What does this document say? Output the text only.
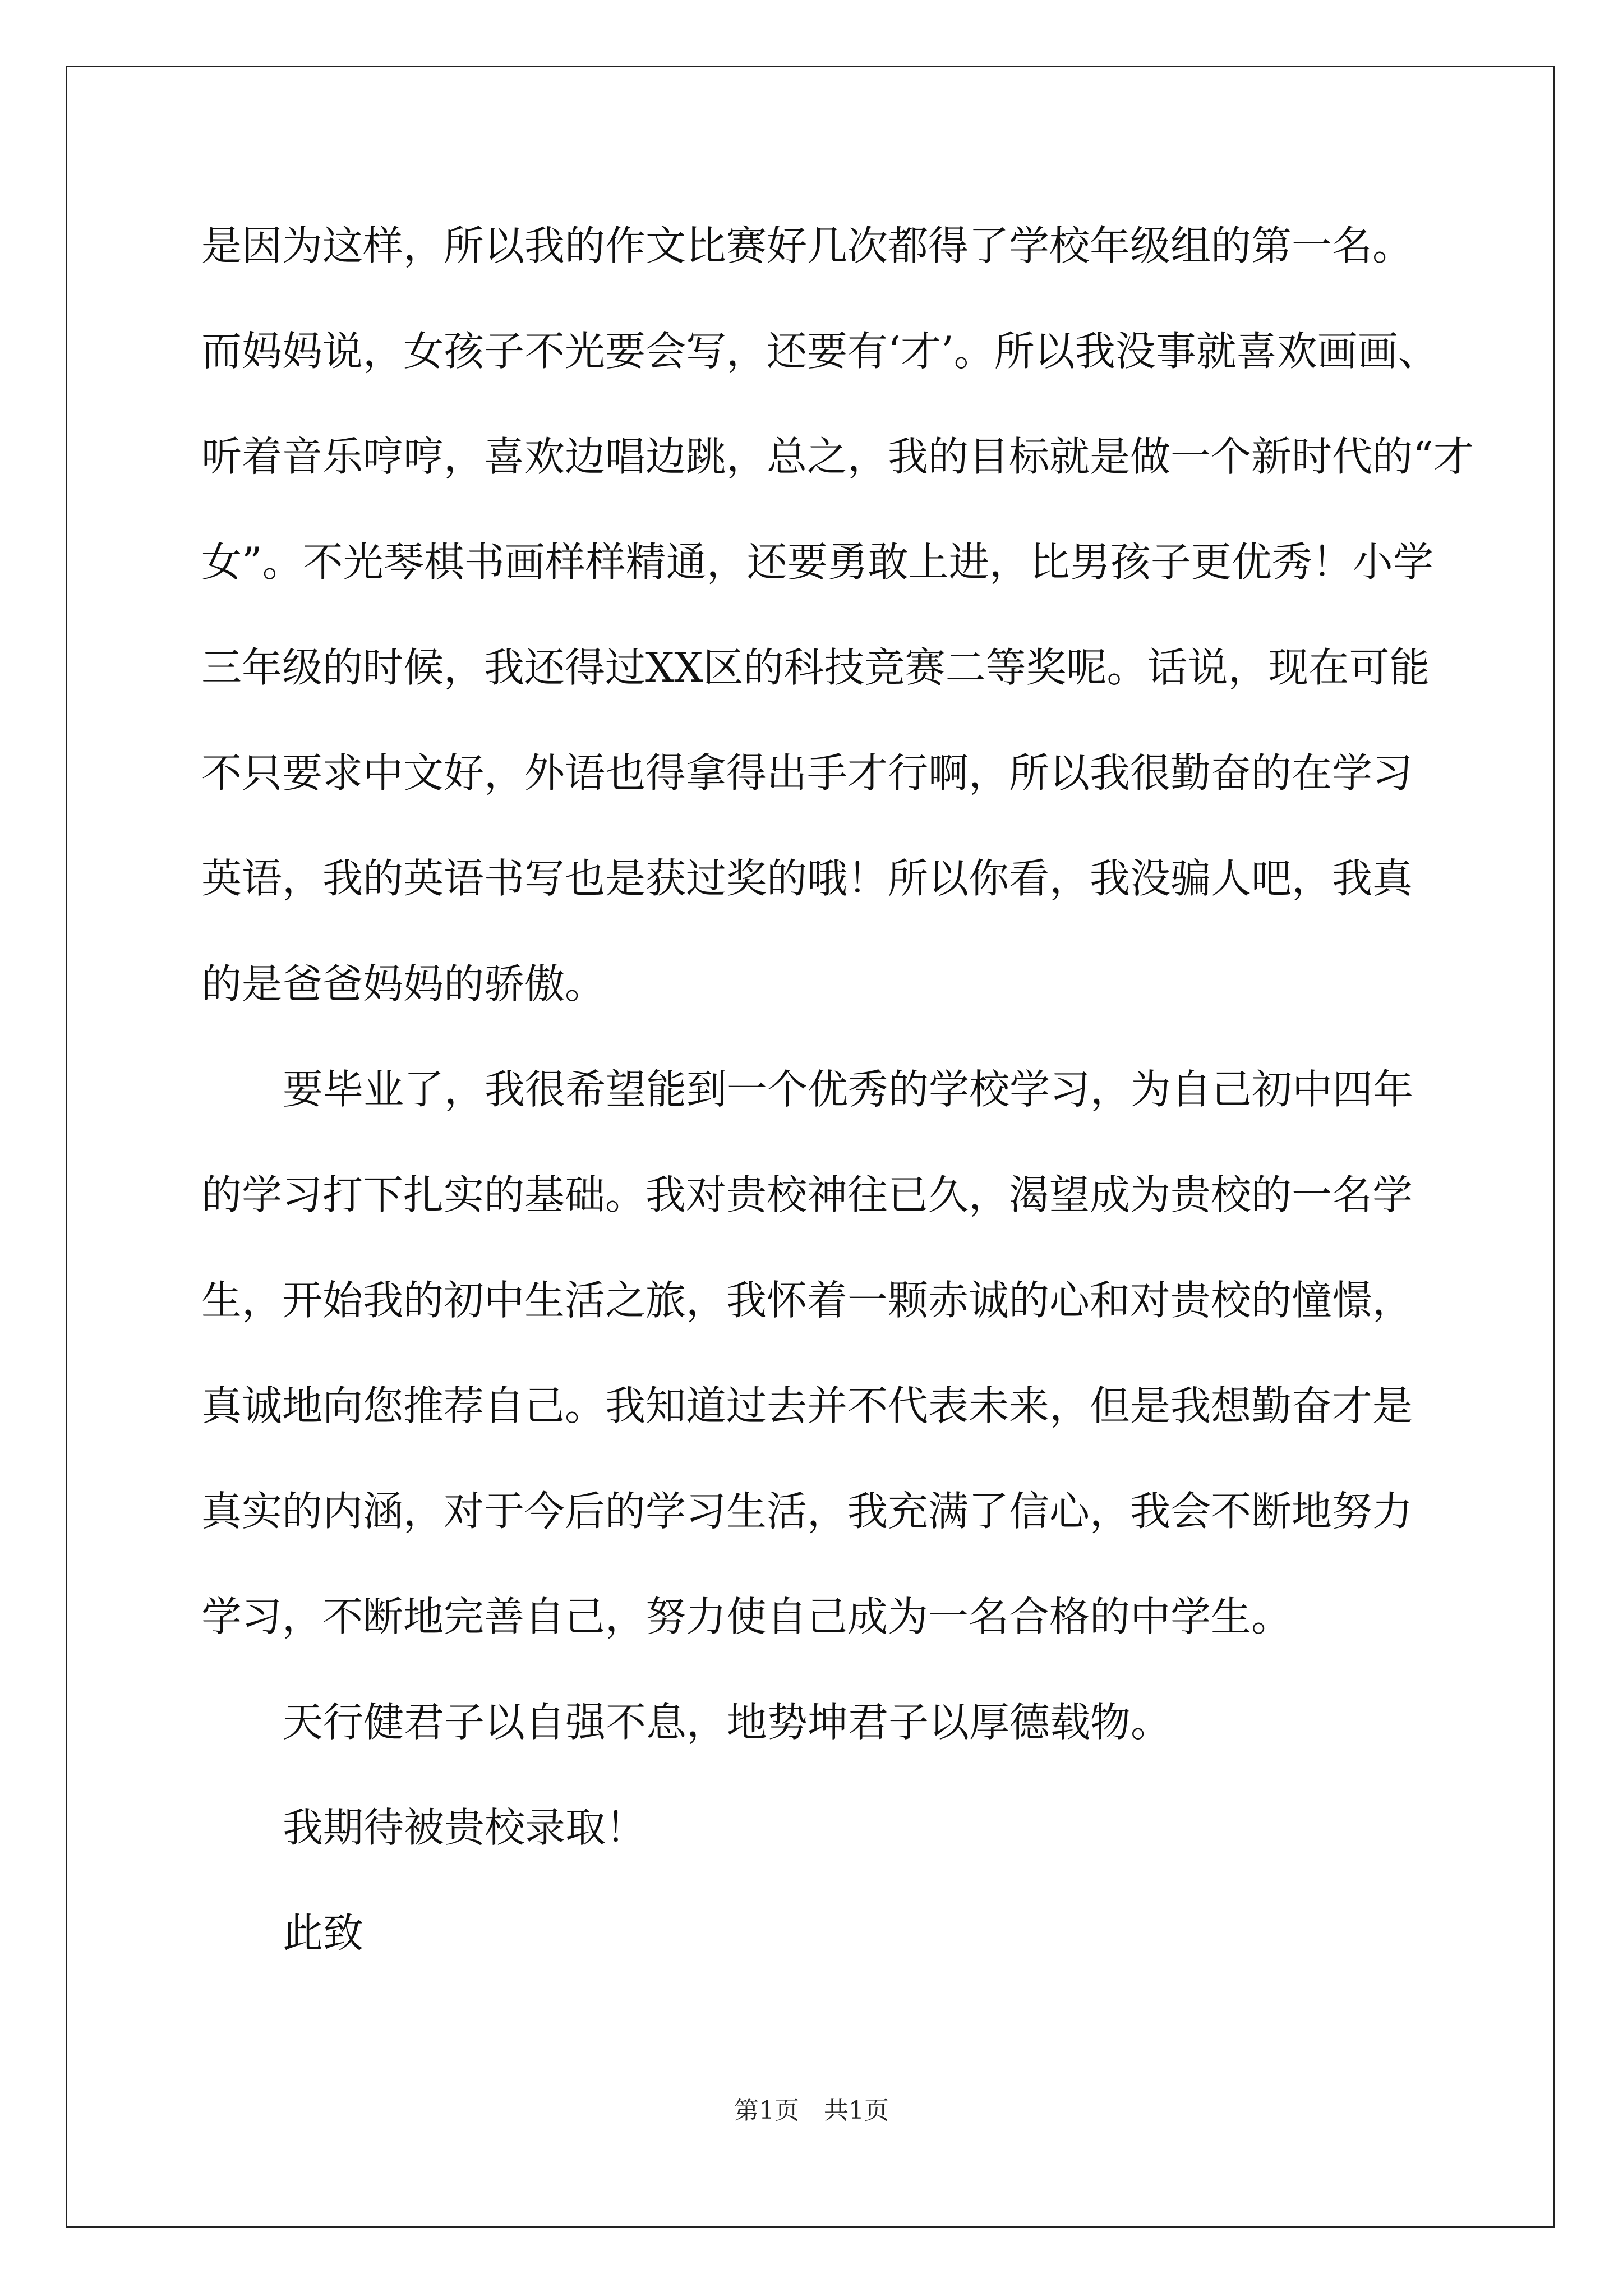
是因为这样，所以我的作文比赛好几次都得了学校年级组的第一名。
而妈妈说，女孩子不光要会写，还要有‘才’。所以我没事就喜欢画画、
听着音乐哼哼，喜欢边唱边跳，总之，我的目标就是做一个新时代的“才
女”。不光琴棋书画样样精通，还要勇敢上进，比男孩子更优秀！小学
三年级的时候，我还得过XX区的科技竞赛二等奖呢。话说，现在可能
不只要求中文好，外语也得拿得出手才行啊，所以我很勤奋的在学习
英语，我的英语书写也是获过奖的哦！所以你看，我没骗人吧，我真
的是爸爸妈妈的骄傲。
要毕业了，我很希望能到一个优秀的学校学习，为自己初中四年
的学习打下扎实的基础。我对贵校神往已久，渴望成为贵校的一名学
生，开始我的初中生活之旅，我怀着一颗赤诚的心和对贵校的憧憬，
真诚地向您推荐自己。我知道过去并不代表未来，但是我想勤奋才是
真实的内涵，对于今后的学习生活，我充满了信心，我会不断地努力
学习，不断地完善自己，努力使自己成为一名合格的中学生。
天行健君子以自强不息，地势坤君子以厚德载物。
我期待被贵校录取！
此致
第1页　共1页
